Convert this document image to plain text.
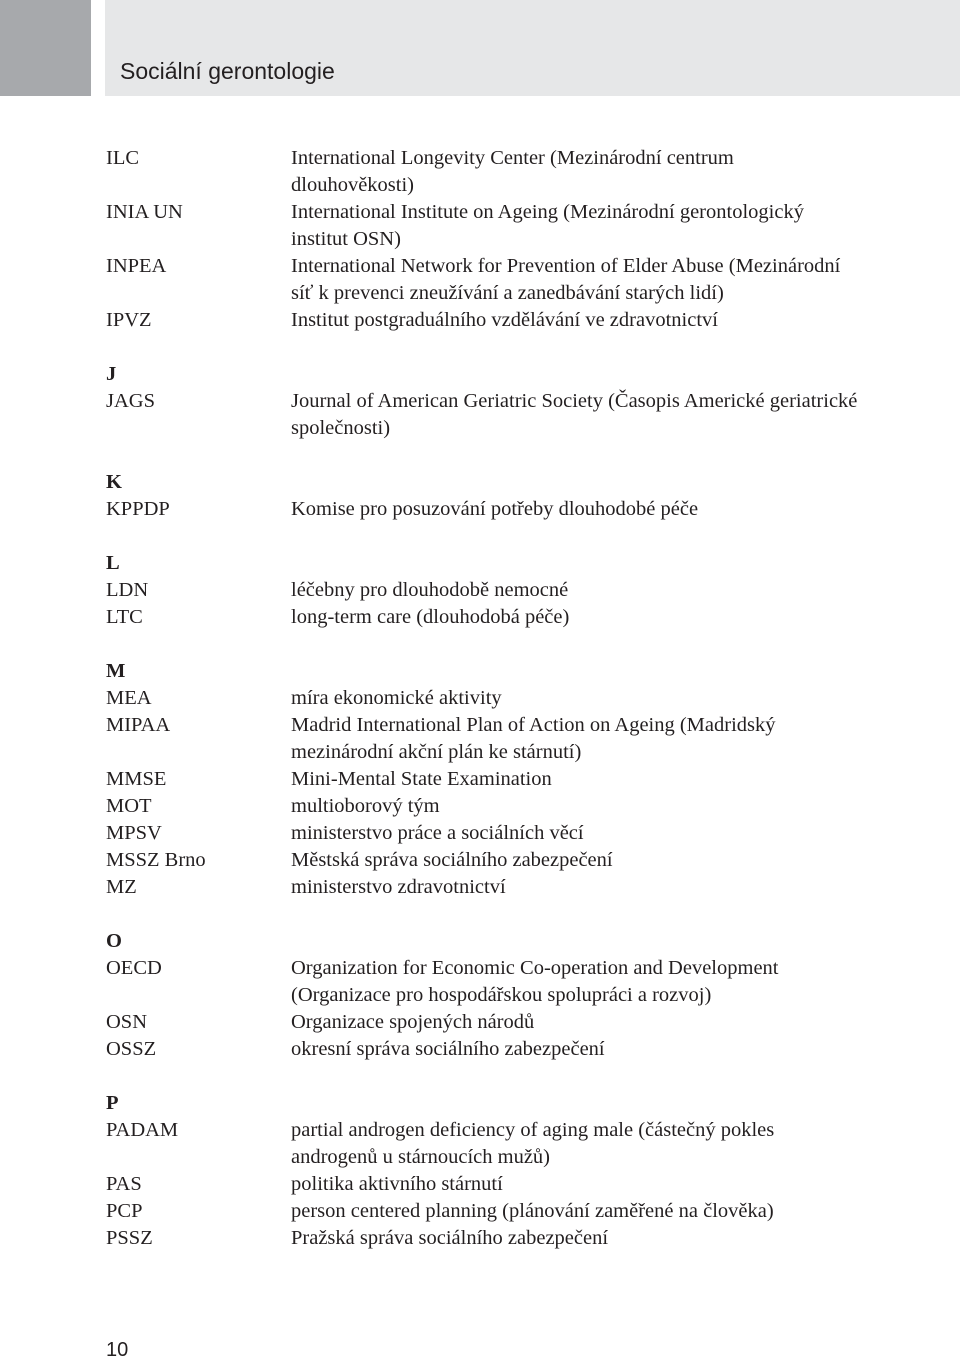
Sociální gerontologie
ILC	International Longevity Center (Mezinárodní centrum dlouhověkosti)

INIA UN	International Institute on Ageing (Mezinárodní gerontologický institut OSN)

INPEA	International Network for Prevention of Elder Abuse (Mezinárodní síť k prevenci zneužívání a zanedbávání starých lidí)

IPVZ	Institut postgraduálního vzdělávání ve zdravotnictví

J
JAGS	Journal of American Geriatric Society (Časopis Americké geriatrické společnosti)

K
KPPDP	Komise pro posuzování potřeby dlouhodobé péče

L
LDN	léčebny pro dlouhodobě nemocné

LTC	long-term care (dlouhodobá péče)

M
MEA	míra ekonomické aktivity

MIPAA	Madrid International Plan of Action on Ageing (Madridský mezinárodní akční plán ke stárnutí)

MMSE	Mini-Mental State Examination

MOT	multioborový tým

MPSV	ministerstvo práce a sociálních věcí

MSSZ Brno	Městská správa sociálního zabezpečení

MZ	ministerstvo zdravotnictví

O
OECD	Organization for Economic Co-operation and Development (Organizace pro hospodářskou spolupráci a rozvoj)

OSN	Organizace spojených národů

OSSZ	okresní správa sociálního zabezpečení

P
PADAM	partial androgen deficiency of aging male (částečný pokles androgenů u stárnoucích mužů)

PAS	politika aktivního stárnutí

PCP	person centered planning (plánování zaměřené na člověka)

PSSZ	Pražská správa sociálního zabezpečení

10
